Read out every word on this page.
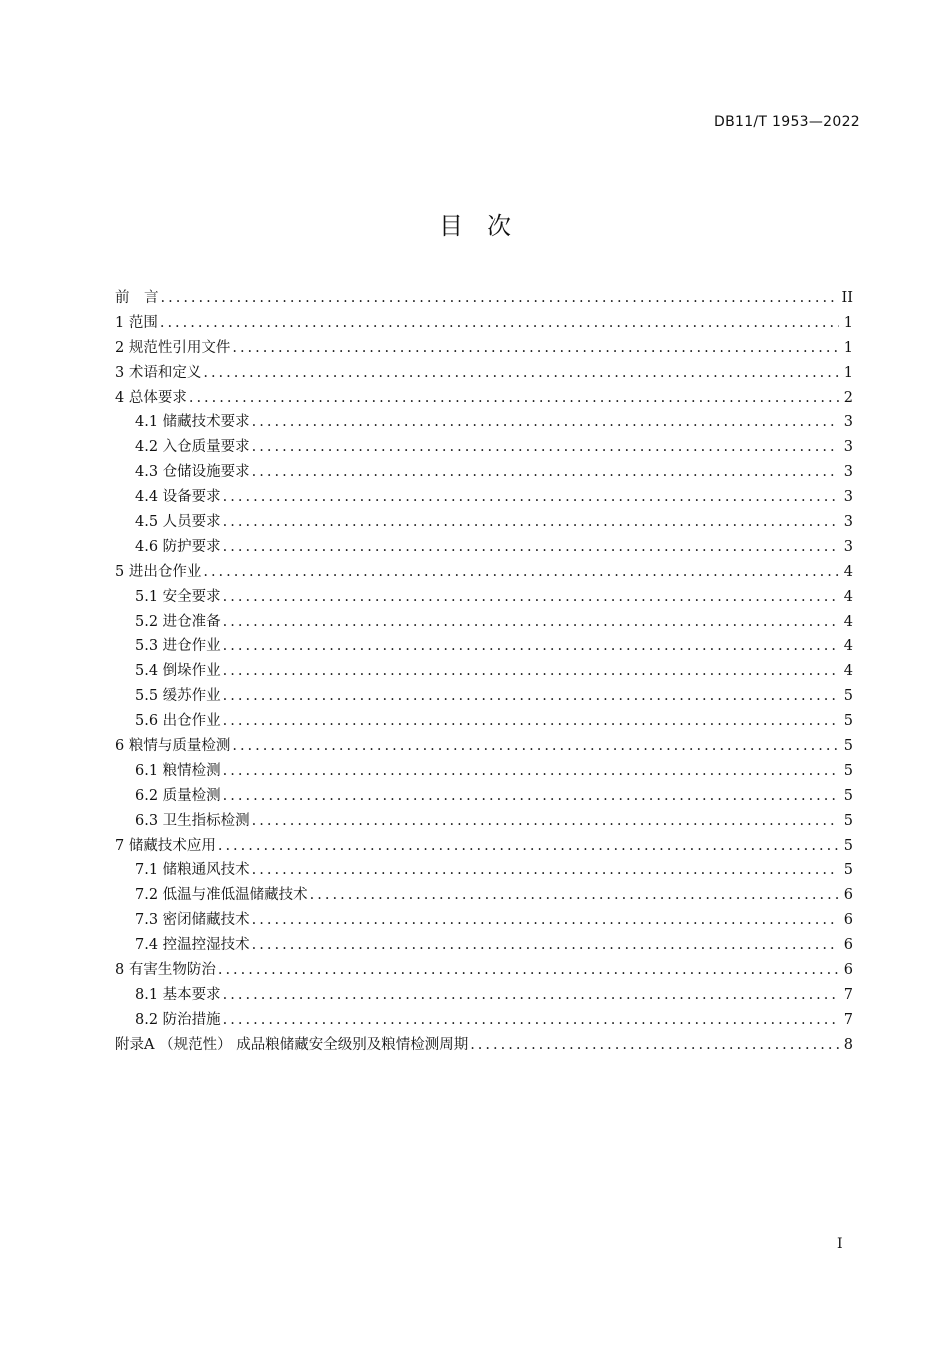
DB11/T 1953—2022
目　次
前　言 .....	II
1 范围 .....	1
2 规范性引用文件 .....	1
3 术语和定义 .....	1
4 总体要求 .....	2
4.1 储藏技术要求 .....	3
4.2 入仓质量要求 .....	3
4.3 仓储设施要求 .....	3
4.4 设备要求 .....	3
4.5 人员要求 .....	3
4.6 防护要求 .....	3
5 进出仓作业 .....	4
5.1 安全要求 .....	4
5.2 进仓准备 .....	4
5.3 进仓作业 .....	4
5.4 倒垛作业 .....	4
5.5 缓苏作业 .....	5
5.6 出仓作业 .....	5
6 粮情与质量检测 .....	5
6.1 粮情检测 .....	5
6.2 质量检测 .....	5
6.3 卫生指标检测 .....	5
7 储藏技术应用 .....	5
7.1 储粮通风技术 .....	5
7.2 低温与准低温储藏技术 .....	6
7.3 密闭储藏技术 .....	6
7.4 控温控湿技术 .....	6
8 有害生物防治 .....	6
8.1 基本要求 .....	7
8.2 防治措施 .....	7
附录A （规范性） 成品粮储藏安全级别及粮情检测周期 .....	8
I
